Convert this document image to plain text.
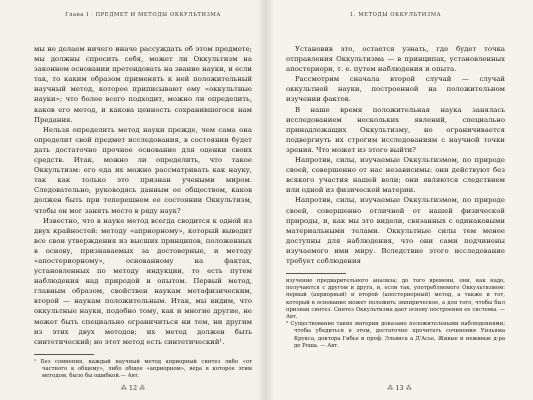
Глава I · ПРЕДМЕТ И МЕТОДЫ ОККУЛЬТИЗМА

мы не делаем ничего иначе рассуждать об этом предмете; мы должны спросить себя, может ли Оккультизм на законном основании претендовать на звание науки, и если так, то каким образом применять к ней положительный научный метод, которое приписывают ему «оккультные науки»; что более всего подходит, можно ли определить, каков его метод, и какова ценность сохранившегося нам Предания.

Нельзя определить метод науки прежде, чем сама она определит свой предмет исследования, в состоянии будет дать достаточно прочное основание для оценки своих средств. Итак, можно ли определить, что такое Оккультизм: его еда их можно рассматривать как науку, так как только это признан учеными миром. Следовательно, руководясь данным ее обществом, каков должен быть при теперешнем ее состоянии Оккультизм, чтобы он мог занять место в ряду наук?

Известно, что в науке метод всегда сводится к одной из двух крайностей: методу «априорному», который выводит все свои утверждения из высших принципов, положенных в основу, признаваемых за достоверные, и методу «апостериорному», основанному на фактах, установленных по методу индукции, то есть путем наблюдения над природой и опытом. Первый метод, главным образом, свойствен наукам метафизическим, второй — наукам положительным. Итак, мы видим, что оккультные науки, подобно тому, как и многие другие, не может быть специально ограничиться ни тем, ни другим из этих двух методов; их метод должен быть синтетический; но этот метод есть синтетический¹.

¹ Без сомнения, каждый научный метод априорный синтез либо «от частного к общему», либо общее «априорном», вера в которое этим методом, было бы ошибкой.— Авт.

⁂ 12 ⁂
1. МЕТОДЫ ОККУЛЬТИЗМА

Установив это, остается узнать, где будет точка отправления Оккультизма — в принципах, установленных апостериори, т. е. путем наблюдения и опыта.

Рассмотрим сначала второй случай — случай оккультной науки, построенной на положительном изучении фактов.

В наше время положительная наука занялась исследованием нескольких явлений, специально принадлежащих Оккультизму, но ограничивается подвергнуть их строгим исследованиям с научной точки зрения. Что может из этого выйти?

Напротив, силы, изучаемые Оккультизмом, по природе своей, совершенно от нас независимы: они действуют без всякого участия нашей воли; они являются следствием или одной из физической материи.

Напротив, силы, изучаемые Оккультизмом, по природе своей, совершенно отличной от нашей физической природы, и, как мы это видели, связанных с одинаковыми материальными телами. Оккультные силы тем менее доступны для наблюдения, что они сами подчинены изучаемого ими миру. Вследствие этого исследование требует соблюдения

изучение предварительного анализа; до того времени, они, как надо, получаются с другом и друга, и, если так, употребляемого Оккультизмом: первый (априорный) и второй (апостериорный) метод, а также и тот, который в основание может положить эмпирическое, а для того, чтобы был признан синтез. Синтез Оккультизма дает основу построения ее системы. — Авт.

² Существование таких материи доказано положительными наблюдениями; чтобы убедиться в этом, достаточно прочитать сочинения Уильяма Крукса, доктора Гибье и проф. Эльвиса а Д'Асье, Живые и неживые д-ра де Роша. — Авт.

⁂ 13 ⁂
